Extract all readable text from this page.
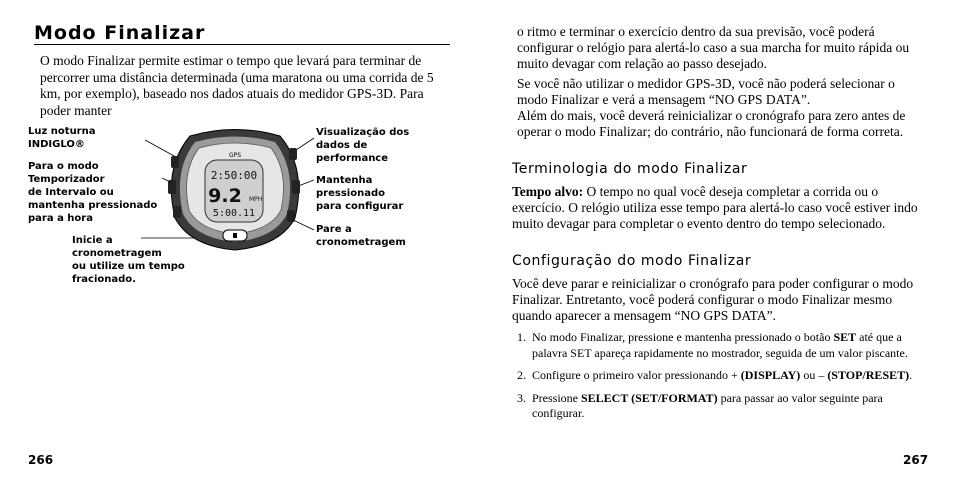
Modo Finalizar
O modo Finalizar permite estimar o tempo que levará para terminar de percorrer uma distância determinada (uma maratona ou uma corrida de 5 km, por exemplo), baseado nos dados atuais do medidor GPS-3D. Para poder manter
Luz noturna
INDIGLO®
Para o modo
Temporizador
de Intervalo ou
mantenha pressionado
para a hora
Inicie a
cronometragem
ou utilize um tempo
fracionado.
Visualização dos
dados de
performance
Mantenha
pressionado
para configurar
Pare a
cronometragem
GPS
2:50:00
9.2 MPH
5:00.11
266
o ritmo e terminar o exercício dentro da sua previsão, você poderá configurar o relógio para alertá-lo caso a sua marcha for muito rápida ou muito devagar com relação ao passo desejado.
Se você não utilizar o medidor GPS-3D, você não poderá selecionar o modo Finalizar e verá a mensagem “NO GPS DATA”.
Além do mais, você deverá reinicializar o cronógrafo para zero antes de operar o modo Finalizar; do contrário, não funcionará de forma correta.
Terminologia do modo Finalizar
Tempo alvo: O tempo no qual você deseja completar a corrida ou o exercício. O relógio utiliza esse tempo para alertá-lo caso você estiver indo muito devagar para completar o evento dentro do tempo selecionado.
Configuração do modo Finalizar
Você deve parar e reinicializar o cronógrafo para poder configurar o modo Finalizar. Entretanto, você poderá configurar o modo Finalizar mesmo quando aparecer a mensagem “NO GPS DATA”.
1. No modo Finalizar, pressione e mantenha pressionado o botão SET até que a palavra SET apareça rapidamente no mostrador, seguida de um valor piscante.
2. Configure o primeiro valor pressionando + (DISPLAY) ou – (STOP/RESET).
3. Pressione SELECT (SET/FORMAT) para passar ao valor seguinte para configurar.
267
